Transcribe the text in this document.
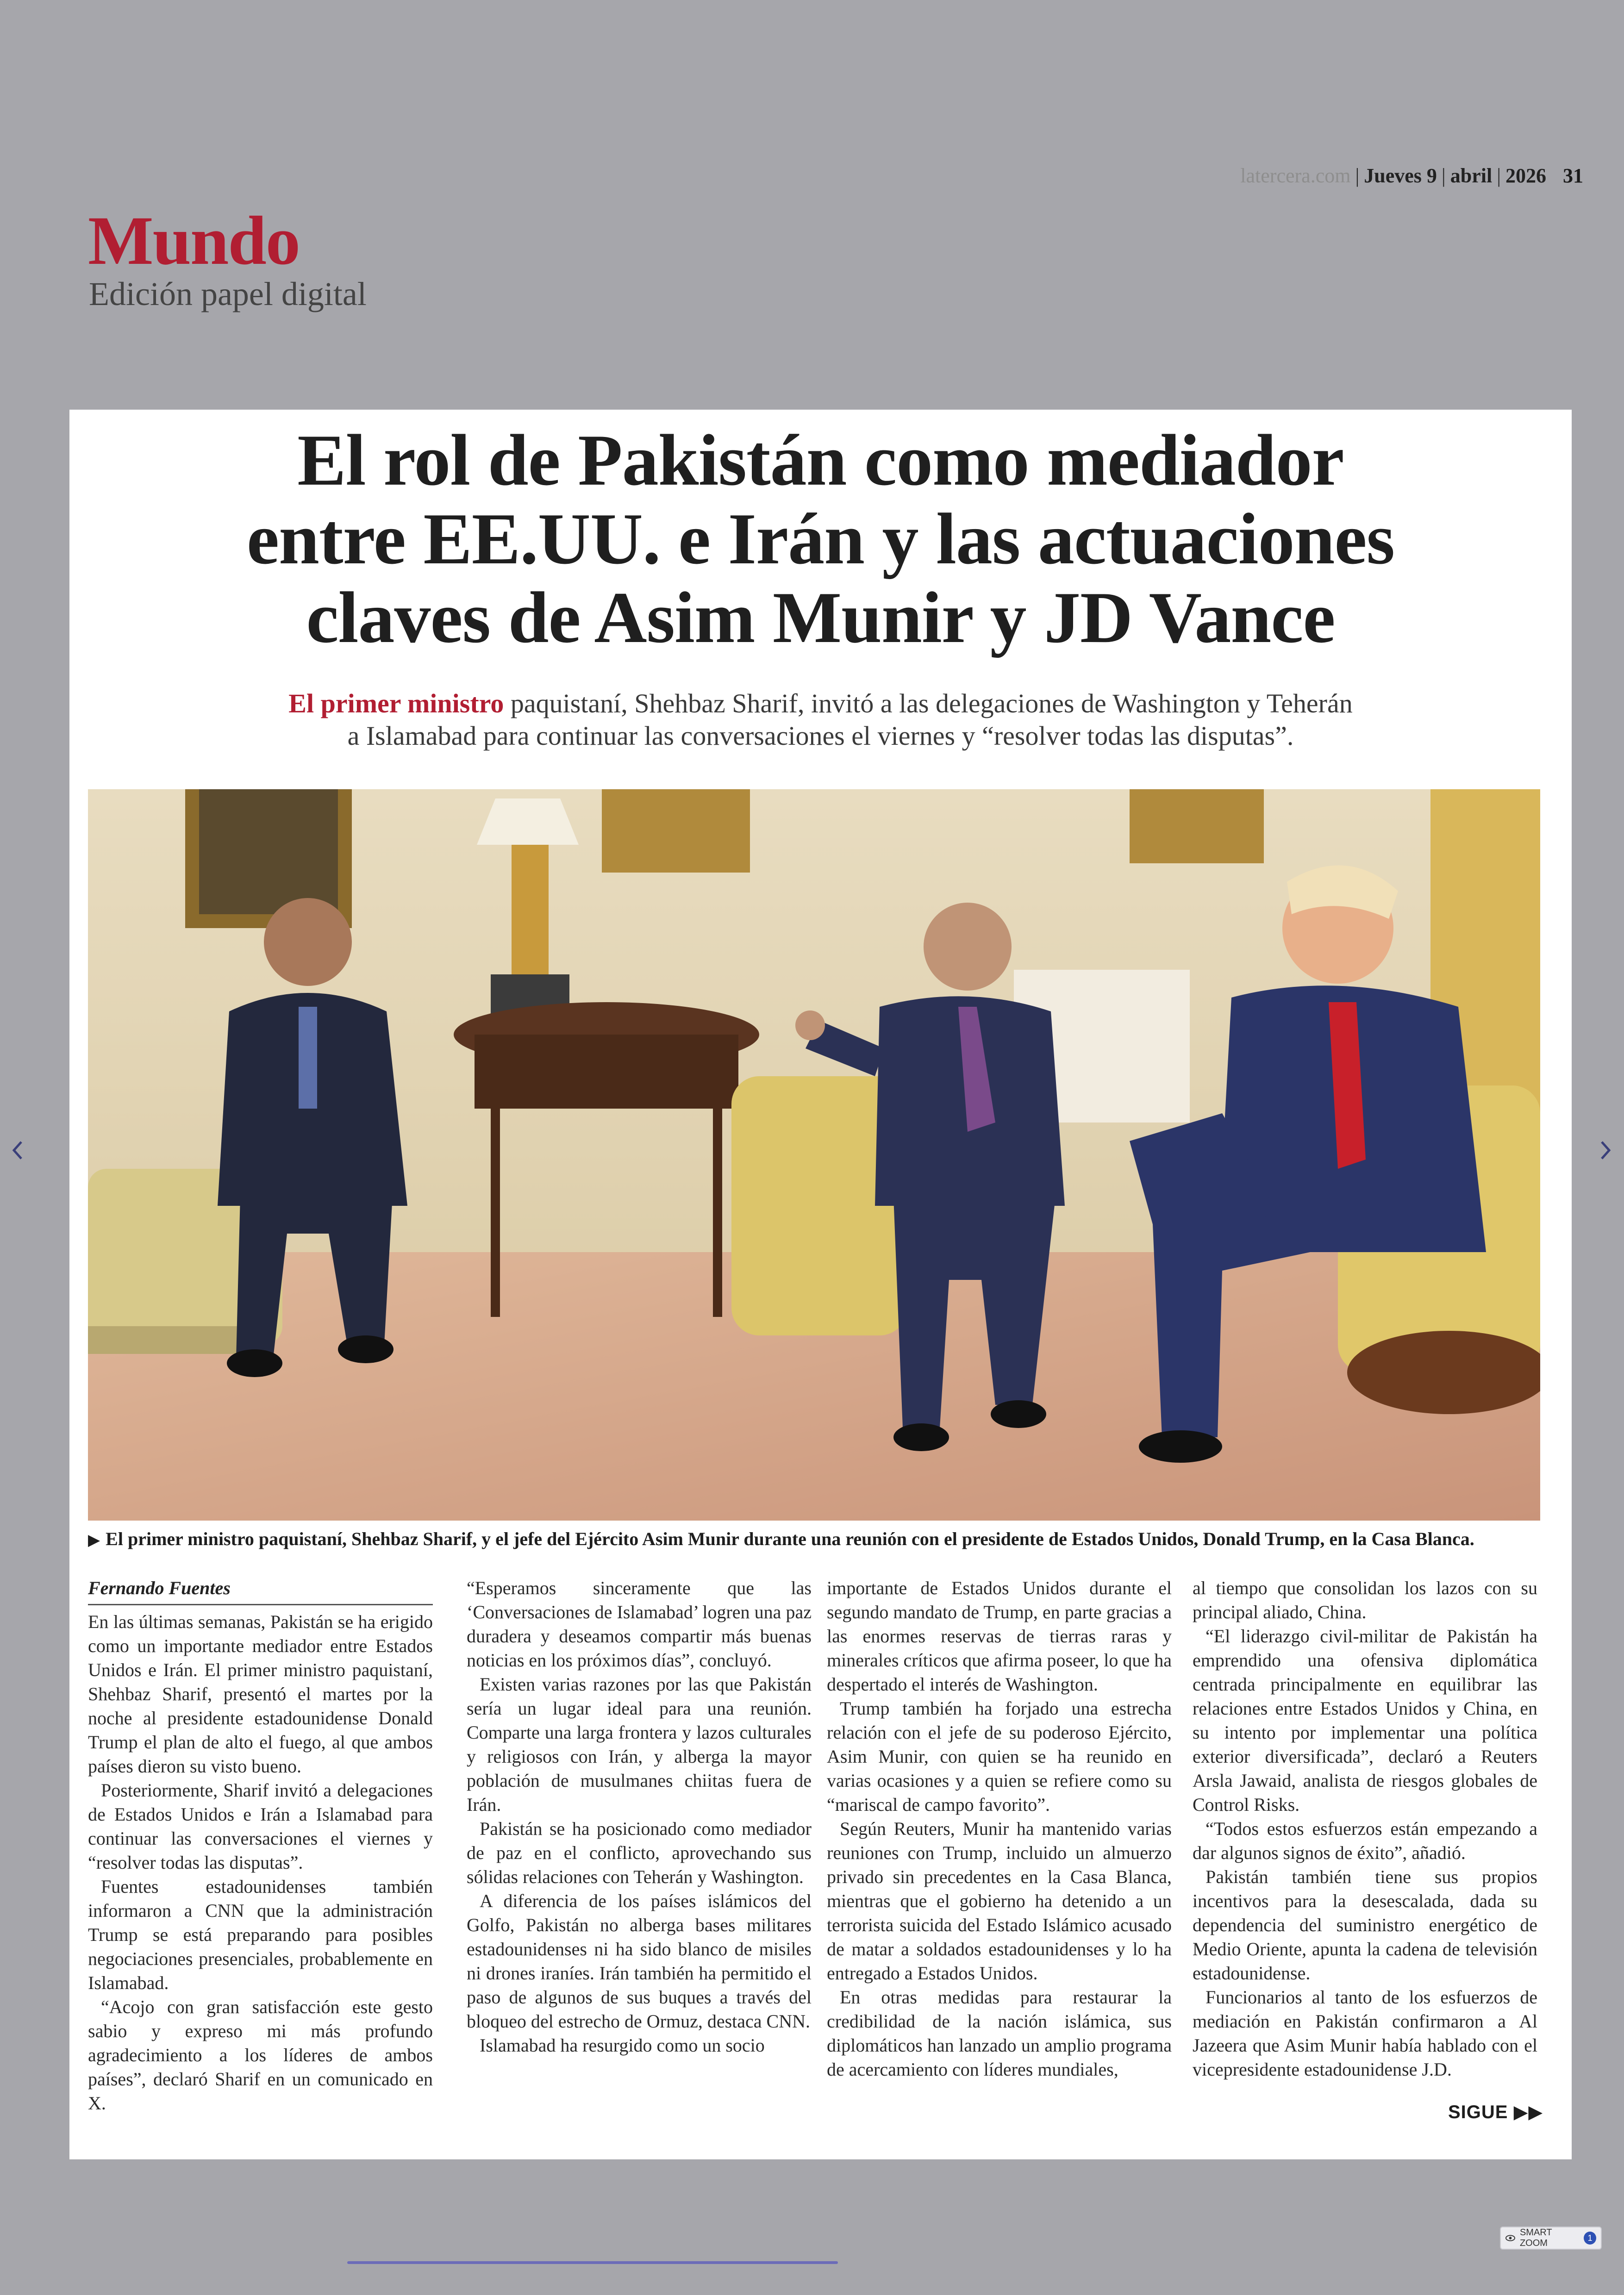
latercera.com | Jueves 9 | abril | 2026 31
Mundo
Edición papel digital
El rol de Pakistán como mediador
entre EE.UU. e Irán y las actuaciones
claves de Asim Munir y JD Vance
El primer ministro paquistaní, Shehbaz Sharif, invitó a las delegaciones de Washington y Teherán
a Islamabad para continuar las conversaciones el viernes y “resolver todas las disputas”.
▶ El primer ministro paquistaní, Shehbaz Sharif, y el jefe del Ejército Asim Munir durante una reunión con el presidente de Estados Unidos, Donald Trump, en la Casa Blanca.
Fernando Fuentes

En las últimas semanas, Pakistán se ha erigido como un importante mediador entre Estados Unidos e Irán. El primer ministro paquistaní, Shehbaz Sharif, presentó el martes por la noche al presidente estadounidense Donald Trump el plan de alto el fuego, al que ambos países dieron su visto bueno.

Posteriormente, Sharif invitó a delegaciones de Estados Unidos e Irán a Islamabad para continuar las conversaciones el viernes y “resolver todas las disputas”.

Fuentes estadounidenses también informaron a CNN que la administración Trump se está preparando para posibles negociaciones presenciales, probablemente en Islamabad.

“Acojo con gran satisfacción este gesto sabio y expreso mi más profundo agradecimiento a los líderes de ambos países”, declaró Sharif en un comunicado en X.

“Esperamos sinceramente que las ‘Conversaciones de Islamabad’ logren una paz duradera y deseamos compartir más buenas noticias en los próximos días”, concluyó.

Existen varias razones por las que Pakistán sería un lugar ideal para una reunión. Comparte una larga frontera y lazos culturales y religiosos con Irán, y alberga la mayor población de musulmanes chiitas fuera de Irán.

Pakistán se ha posicionado como mediador de paz en el conflicto, aprovechando sus sólidas relaciones con Teherán y Washington.

A diferencia de los países islámicos del Golfo, Pakistán no alberga bases militares estadounidenses ni ha sido blanco de misiles ni drones iraníes. Irán también ha permitido el paso de algunos de sus buques a través del bloqueo del estrecho de Ormuz, destaca CNN.

Islamabad ha resurgido como un socio

importante de Estados Unidos durante el segundo mandato de Trump, en parte gracias a las enormes reservas de tierras raras y minerales críticos que afirma poseer, lo que ha despertado el interés de Washington.

Trump también ha forjado una estrecha relación con el jefe de su poderoso Ejército, Asim Munir, con quien se ha reunido en varias ocasiones y a quien se refiere como su “mariscal de campo favorito”.

Según Reuters, Munir ha mantenido varias reuniones con Trump, incluido un almuerzo privado sin precedentes en la Casa Blanca, mientras que el gobierno ha detenido a un terrorista suicida del Estado Islámico acusado de matar a soldados estadounidenses y lo ha entregado a Estados Unidos.

En otras medidas para restaurar la credibilidad de la nación islámica, sus diplomáticos han lanzado un amplio programa de acercamiento con líderes mundiales,

al tiempo que consolidan los lazos con su principal aliado, China.

“El liderazgo civil-militar de Pakistán ha emprendido una ofensiva diplomática centrada principalmente en equilibrar las relaciones entre Estados Unidos y China, en su intento por implementar una política exterior diversificada”, declaró a Reuters Arsla Jawaid, analista de riesgos globales de Control Risks.

“Todos estos esfuerzos están empezando a dar algunos signos de éxito”, añadió.

Pakistán también tiene sus propios incentivos para la desescalada, dada su dependencia del suministro energético de Medio Oriente, apunta la cadena de televisión estadounidense.

Funcionarios al tanto de los esfuerzos de mediación en Pakistán confirmaron a Al Jazeera que Asim Munir había hablado con el vicepresidente estadounidense J.D.

SIGUE ▶▶
SMART ZOOM
1
